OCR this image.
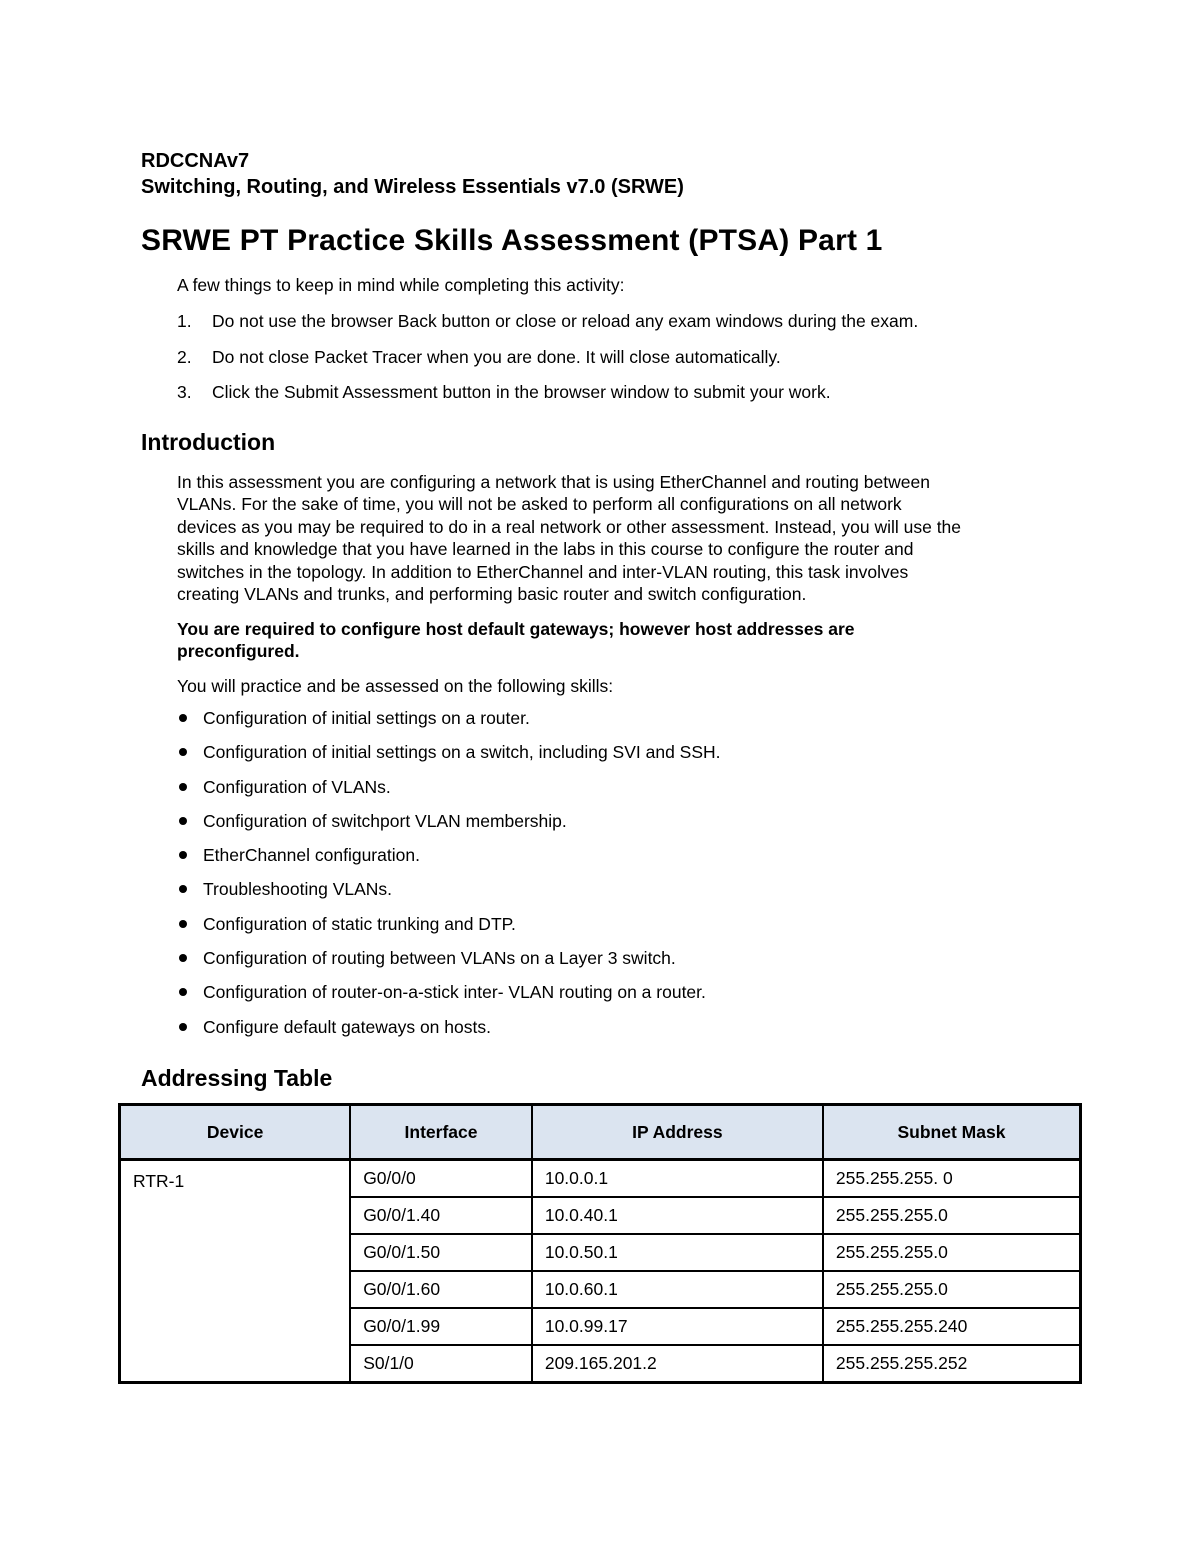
RDCCNAv7
Switching, Routing, and Wireless Essentials v7.0 (SRWE)
SRWE PT Practice Skills Assessment (PTSA) Part 1
A few things to keep in mind while completing this activity:
1. Do not use the browser Back button or close or reload any exam windows during the exam.
2. Do not close Packet Tracer when you are done. It will close automatically.
3. Click the Submit Assessment button in the browser window to submit your work.
Introduction
In this assessment you are configuring a network that is using EtherChannel and routing between
VLANs. For the sake of time, you will not be asked to perform all configurations on all network
devices as you may be required to do in a real network or other assessment. Instead, you will use the
skills and knowledge that you have learned in the labs in this course to configure the router and
switches in the topology. In addition to EtherChannel and inter-VLAN routing, this task involves
creating VLANs and trunks, and performing basic router and switch configuration.
You are required to configure host default gateways; however host addresses are
preconfigured.
You will practice and be assessed on the following skills:
Configuration of initial settings on a router.
Configuration of initial settings on a switch, including SVI and SSH.
Configuration of VLANs.
Configuration of switchport VLAN membership.
EtherChannel configuration.
Troubleshooting VLANs.
Configuration of static trunking and DTP.
Configuration of routing between VLANs on a Layer 3 switch.
Configuration of router-on-a-stick inter- VLAN routing on a router.
Configure default gateways on hosts.
Addressing Table
Device	Interface	IP Address	Subnet Mask
RTR-1	G0/0/0	10.0.0.1	255.255.255. 0
	G0/0/1.40	10.0.40.1	255.255.255.0
	G0/0/1.50	10.0.50.1	255.255.255.0
	G0/0/1.60	10.0.60.1	255.255.255.0
	G0/0/1.99	10.0.99.17	255.255.255.240
	S0/1/0	209.165.201.2	255.255.255.252
